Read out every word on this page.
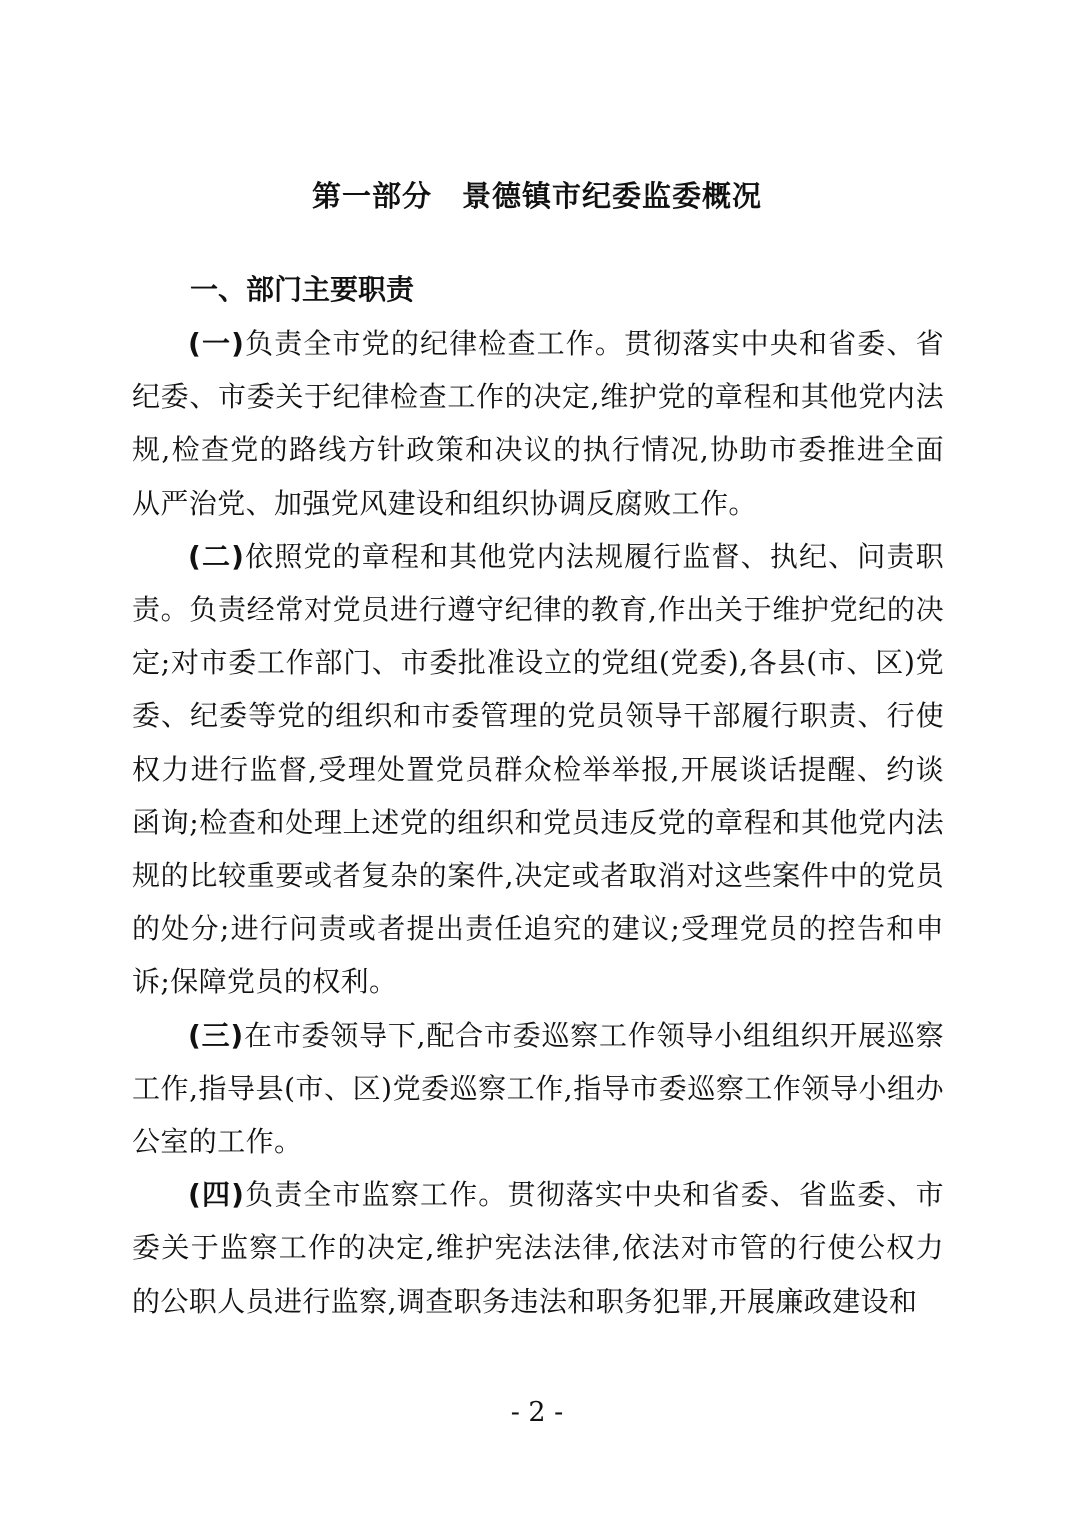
第一部分 景德镇市纪委监委概况
一、部门主要职责

(一)负责全市党的纪律检查工作。贯彻落实中央和省委、省纪委、市委关于纪律检查工作的决定,维护党的章程和其他党内法规,检查党的路线方针政策和决议的执行情况,协助市委推进全面从严治党、加强党风建设和组织协调反腐败工作。

(二)依照党的章程和其他党内法规履行监督、执纪、问责职责。负责经常对党员进行遵守纪律的教育,作出关于维护党纪的决定;对市委工作部门、市委批准设立的党组(党委),各县(市、区)党委、纪委等党的组织和市委管理的党员领导干部履行职责、行使权力进行监督,受理处置党员群众检举举报,开展谈话提醒、约谈函询;检查和处理上述党的组织和党员违反党的章程和其他党内法规的比较重要或者复杂的案件,决定或者取消对这些案件中的党员的处分;进行问责或者提出责任追究的建议;受理党员的控告和申诉;保障党员的权利。

(三)在市委领导下,配合市委巡察工作领导小组组织开展巡察工作,指导县(市、区)党委巡察工作,指导市委巡察工作领导小组办公室的工作。

(四)负责全市监察工作。贯彻落实中央和省委、省监委、市委关于监察工作的决定,维护宪法法律,依法对市管的行使公权力的公职人员进行监察,调查职务违法和职务犯罪,开展廉政建设和

- 2 -
